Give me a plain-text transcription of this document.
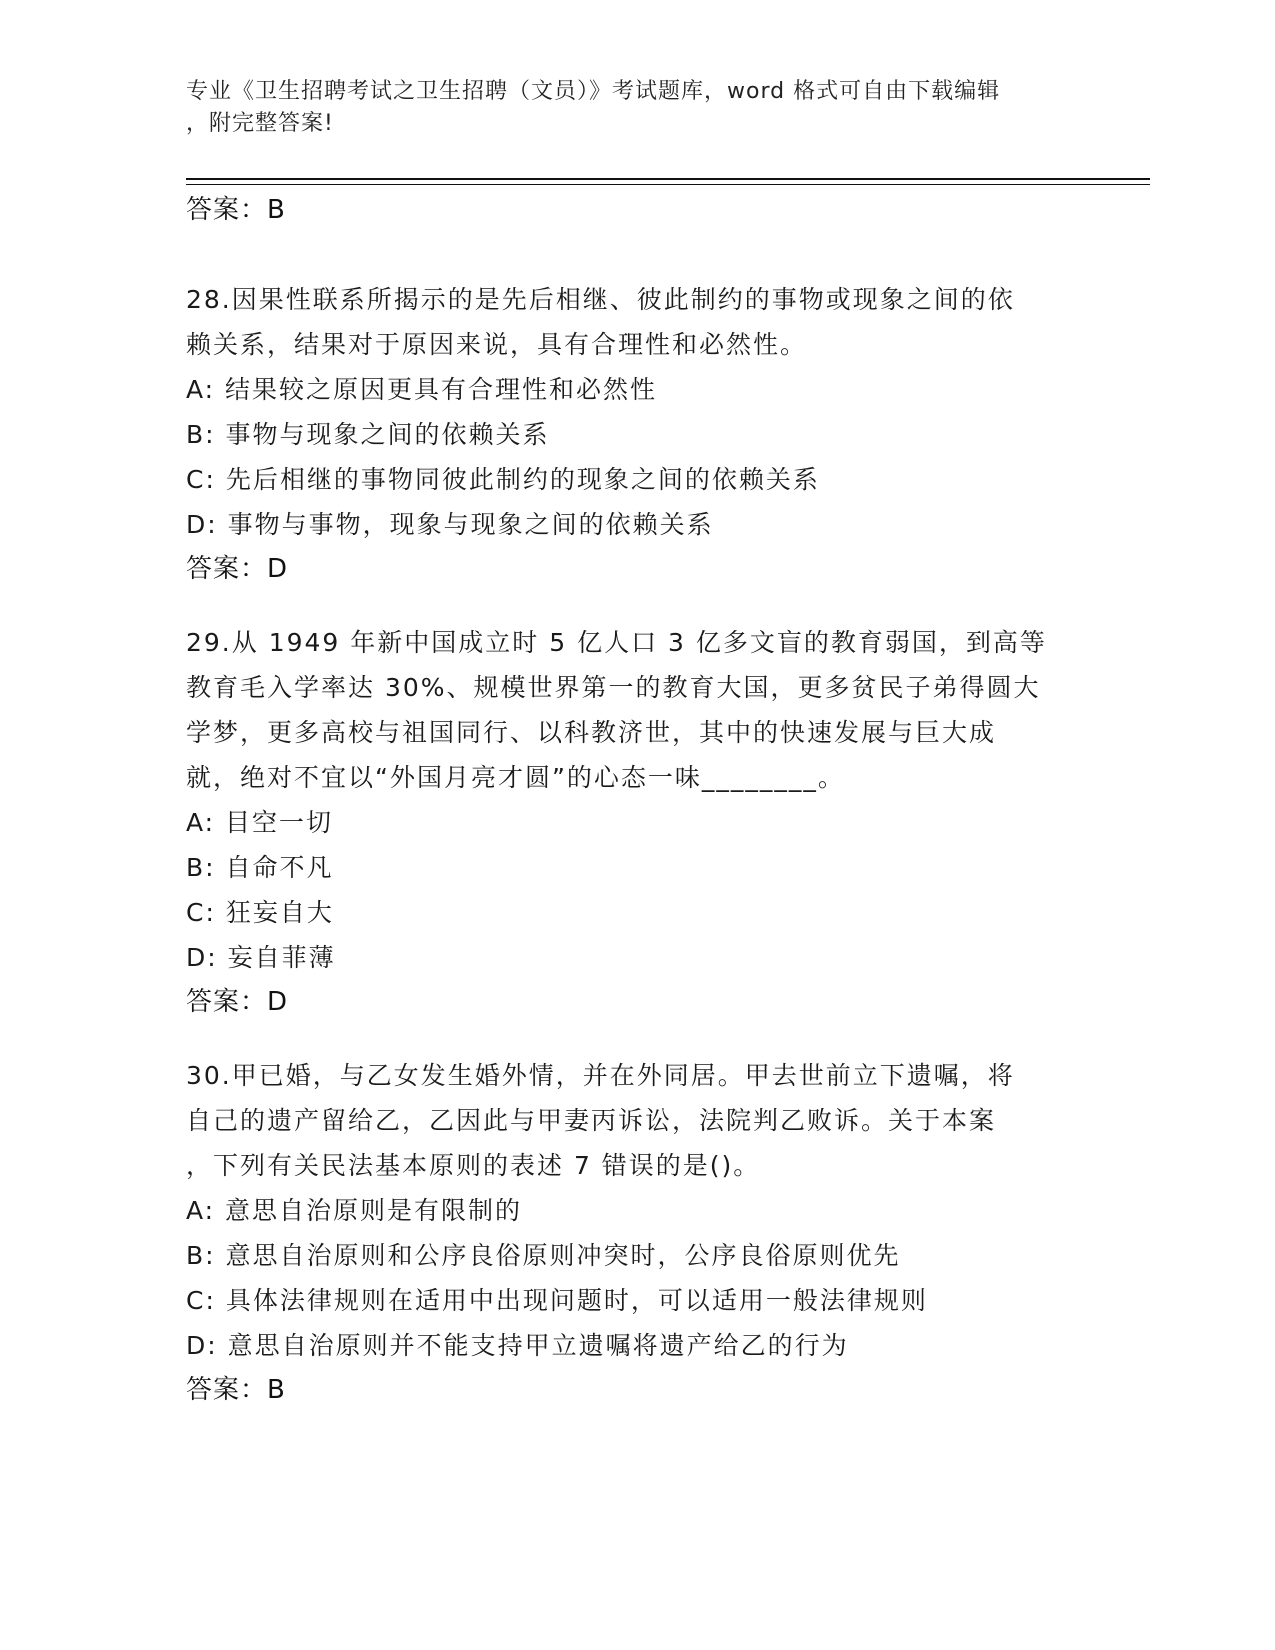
专业《卫生招聘考试之卫生招聘（文员）》考试题库，word 格式可自由下载编辑
，附完整答案!
答案：B
28.因果性联系所揭示的是先后相继、彼此制约的事物或现象之间的依
赖关系，结果对于原因来说，具有合理性和必然性。
A: 结果较之原因更具有合理性和必然性
B: 事物与现象之间的依赖关系
C: 先后相继的事物同彼此制约的现象之间的依赖关系
D: 事物与事物，现象与现象之间的依赖关系
答案：D
29.从 1949 年新中国成立时 5 亿人口 3 亿多文盲的教育弱国，到高等
教育毛入学率达 30%、规模世界第一的教育大国，更多贫民子弟得圆大
学梦，更多高校与祖国同行、以科教济世，其中的快速发展与巨大成
就，绝对不宜以“外国月亮才圆”的心态一味________。
A: 目空一切
B: 自命不凡
C: 狂妄自大
D: 妄自菲薄
答案：D
30.甲已婚，与乙女发生婚外情，并在外同居。甲去世前立下遗嘱，将
自己的遗产留给乙，乙因此与甲妻丙诉讼，法院判乙败诉。关于本案
，下列有关民法基本原则的表述 7 错误的是()。
A: 意思自治原则是有限制的
B: 意思自治原则和公序良俗原则冲突时，公序良俗原则优先
C: 具体法律规则在适用中出现问题时，可以适用一般法律规则
D: 意思自治原则并不能支持甲立遗嘱将遗产给乙的行为
答案：B
